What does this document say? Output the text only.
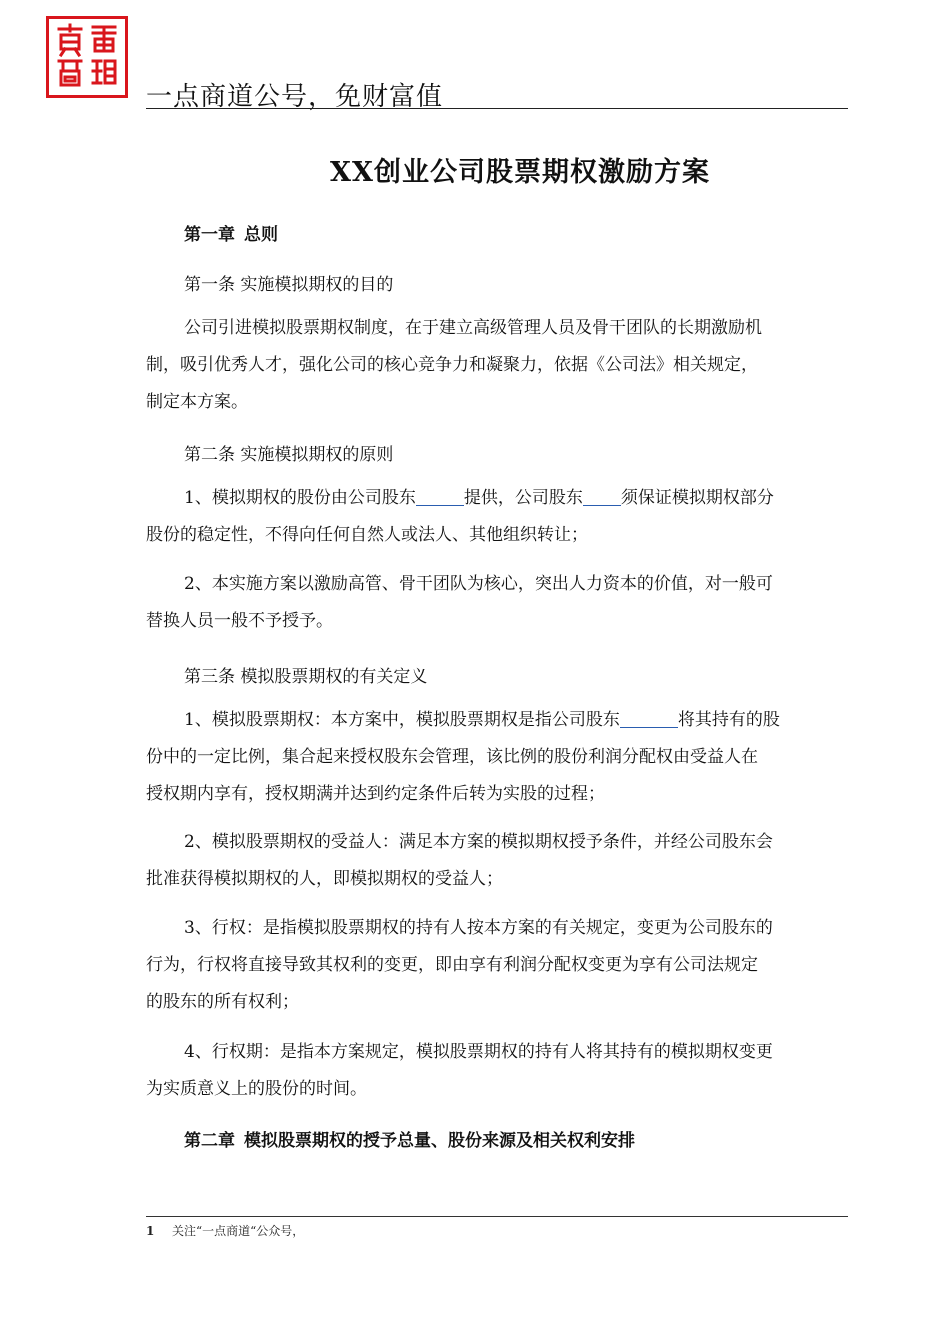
一点商道公号，免财富值
XX创业公司股票期权激励方案
第一章 总则
第一条 实施模拟期权的目的
公司引进模拟股票期权制度，在于建立高级管理人员及骨干团队的长期激励机
制，吸引优秀人才，强化公司的核心竞争力和凝聚力，依据《公司法》相关规定，
制定本方案。
第二条 实施模拟期权的原则
1、模拟期权的股份由公司股东	提供，公司股东 须保证模拟期权部分
股份的稳定性，不得向任何自然人或法人、其他组织转让；
2、本实施方案以激励高管、骨干团队为核心，突出人力资本的价值，对一般可
替换人员一般不予授予。
第三条 模拟股票期权的有关定义
1、模拟股票期权：本方案中，模拟股票期权是指公司股东	将其持有的股
份中的一定比例，集合起来授权股东会管理，该比例的股份利润分配权由受益人在
授权期内享有，授权期满并达到约定条件后转为实股的过程；
2、模拟股票期权的受益人：满足本方案的模拟期权授予条件，并经公司股东会
批准获得模拟期权的人，即模拟期权的受益人；
3、行权：是指模拟股票期权的持有人按本方案的有关规定，变更为公司股东的
行为，行权将直接导致其权利的变更，即由享有利润分配权变更为享有公司法规定
的股东的所有权利；
4、行权期：是指本方案规定，模拟股票期权的持有人将其持有的模拟期权变更
为实质意义上的股份的时间。
第二章 模拟股票期权的授予总量、股份来源及相关权利安排
1 关注“一点商道“公众号，
